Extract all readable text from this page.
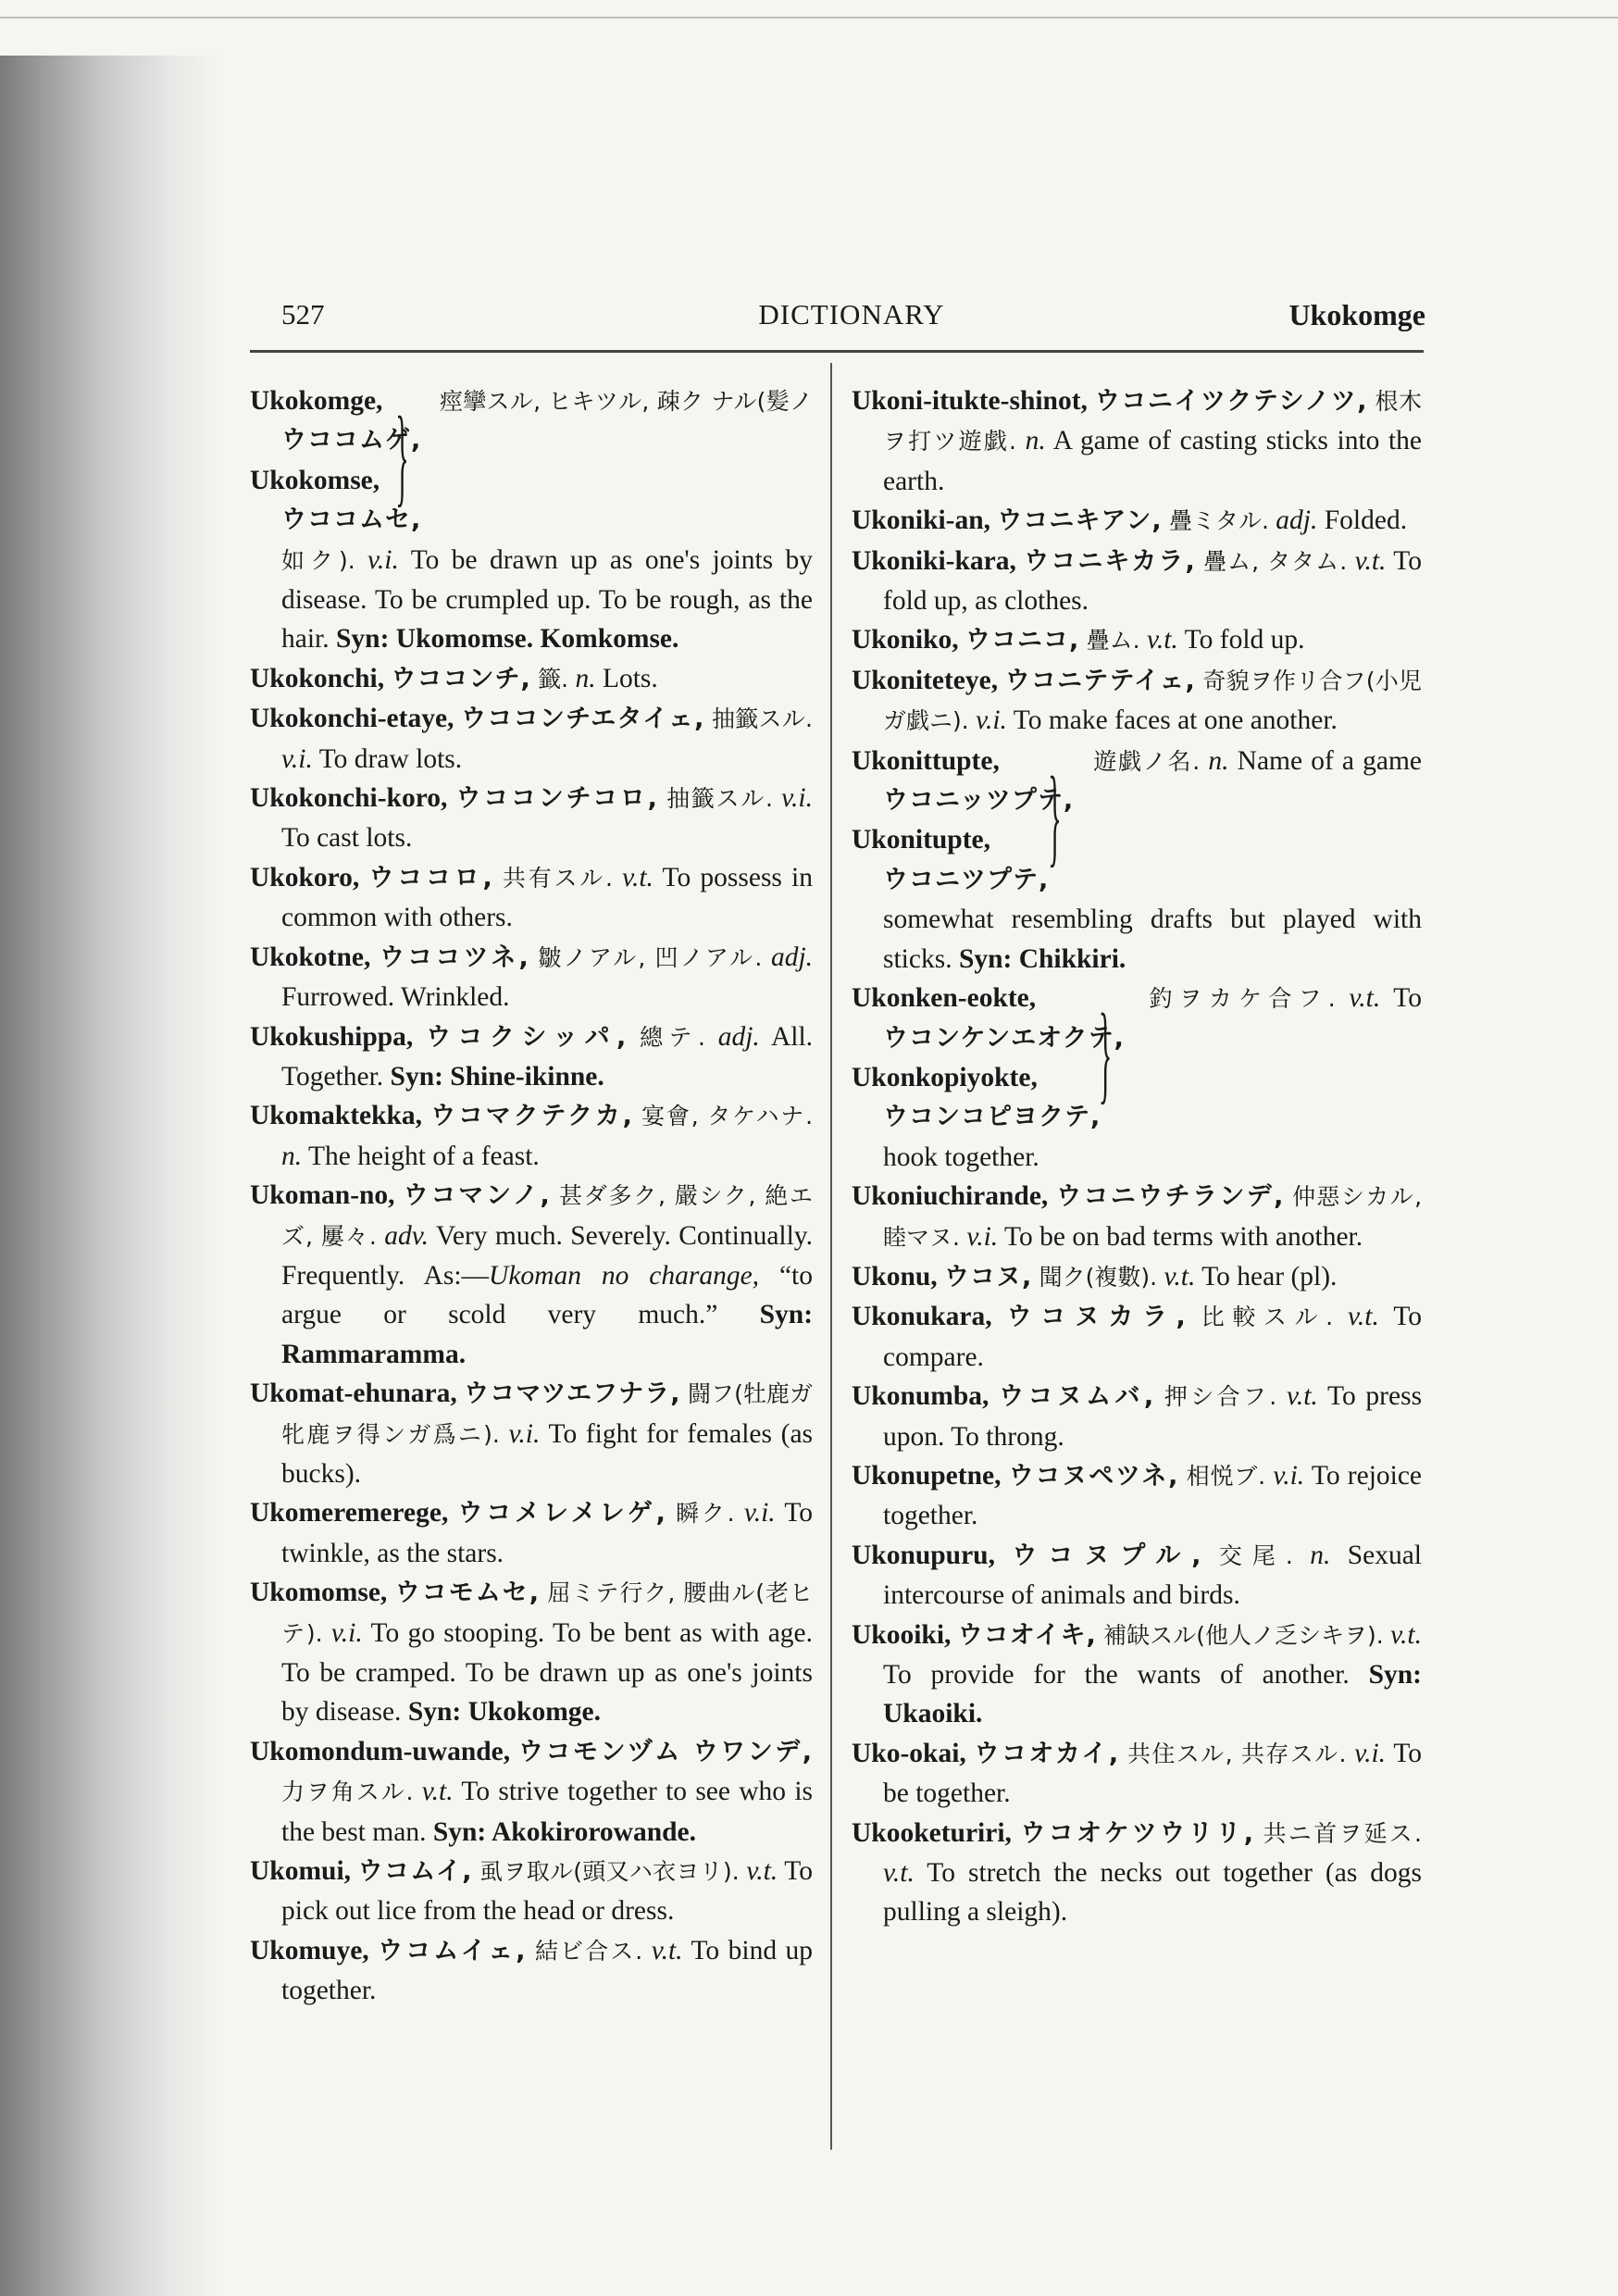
527	DICTIONARY	Ukokomge

Ukokomge,
ウココムゲ,
Ukokomse,
ウココムセ,
} 痙攣スル, ヒキツル, 疎ク ナル(髪ノ如ク). v.i. To be drawn up as one's joints by disease. To be crumpled up. To be rough, as the hair. Syn: Ukomomse. Komkomse.

Ukokonchi, ウココンチ, 籤. n. Lots.

Ukokonchi-etaye, ウココンチエタイェ, 抽籤スル. v.i. To draw lots.

Ukokonchi-koro, ウココンチコロ, 抽籤スル. v.i. To cast lots.

Ukokoro, ウココロ, 共有スル. v.t. To possess in common with others.

Ukokotne, ウココツネ, 皺ノアル, 凹ノアル. adj. Furrowed. Wrinkled.

Ukokushippa, ウコクシッパ, 總テ. adj. All. Together. Syn: Shine-ikinne.

Ukomaktekka, ウコマクテクカ, 宴會, タケハナ. n. The height of a feast.

Ukoman-no, ウコマンノ, 甚ダ多ク, 嚴シク, 絶エズ, 屢々. adv. Very much. Severely. Continually. Frequently. As:—Ukoman no charange, “to argue or scold very much.” Syn: Rammaramma.

Ukomat-ehunara, ウコマツエフナラ, 闘フ(牡鹿ガ牝鹿ヲ得ンガ爲ニ). v.i. To fight for females (as bucks).

Ukomeremerege, ウコメレメレゲ, 瞬ク. v.i. To twinkle, as the stars.

Ukomomse, ウコモムセ, 屈ミテ行ク, 腰曲ル(老ヒテ). v.i. To go stooping. To be bent as with age. To be cramped. To be drawn up as one's joints by disease. Syn: Ukokomge.

Ukomondum-uwande, ウコモンヅム ウワンデ, 力ヲ角スル. v.t. To strive together to see who is the best man. Syn: Akokirorowande.

Ukomui, ウコムイ, 虱ヲ取ル(頭又ハ衣ヨリ). v.t. To pick out lice from the head or dress.

Ukomuye, ウコムイェ, 結ビ合ス. v.t. To bind up together.

Ukoni-itukte-shinot, ウコニイツクテシノツ, 根木ヲ打ツ遊戯. n. A game of casting sticks into the earth.

Ukoniki-an, ウコニキアン, 疊ミタル. adj. Folded.

Ukoniki-kara, ウコニキカラ, 疊ム, タタム. v.t. To fold up, as clothes.

Ukoniko, ウコニコ, 疊ム. v.t. To fold up.

Ukoniteteye, ウコニテテイェ, 奇貌ヲ作リ合フ(小児ガ戯ニ). v.i. To make faces at one another.

Ukonittupte,
ウコニッツプテ,
Ukonitupte,
ウコニツプテ,
} 遊戯ノ名. n. Name of a game somewhat resembling drafts but played with sticks. Syn: Chikkiri.

Ukonken-eokte,
ウコンケンエオクテ,
Ukonkopiyokte,
ウコンコピヨクテ,
} 釣ヲカケ合フ. v.t. To hook together.

Ukoniuchirande, ウコニウチランデ, 仲惡シカル, 睦マヌ. v.i. To be on bad terms with another.

Ukonu, ウコヌ, 聞ク(複數). v.t. To hear (pl).

Ukonukara, ウコヌカラ, 比較スル. v.t. To compare.

Ukonumba, ウコヌムバ, 押シ合フ. v.t. To press upon. To throng.

Ukonupetne, ウコヌペツネ, 相悦ブ. v.i. To rejoice together.

Ukonupuru, ウコヌプル, 交尾. n. Sexual intercourse of animals and birds.

Ukooiki, ウコオイキ, 補缺スル(他人ノ乏シキヲ). v.t. To provide for the wants of another. Syn: Ukaoiki.

Uko-okai, ウコオカイ, 共住スル, 共存スル. v.i. To be together.

Ukooketuriri, ウコオケツウリリ, 共ニ首ヲ延ス. v.t. To stretch the necks out together (as dogs pulling a sleigh).
